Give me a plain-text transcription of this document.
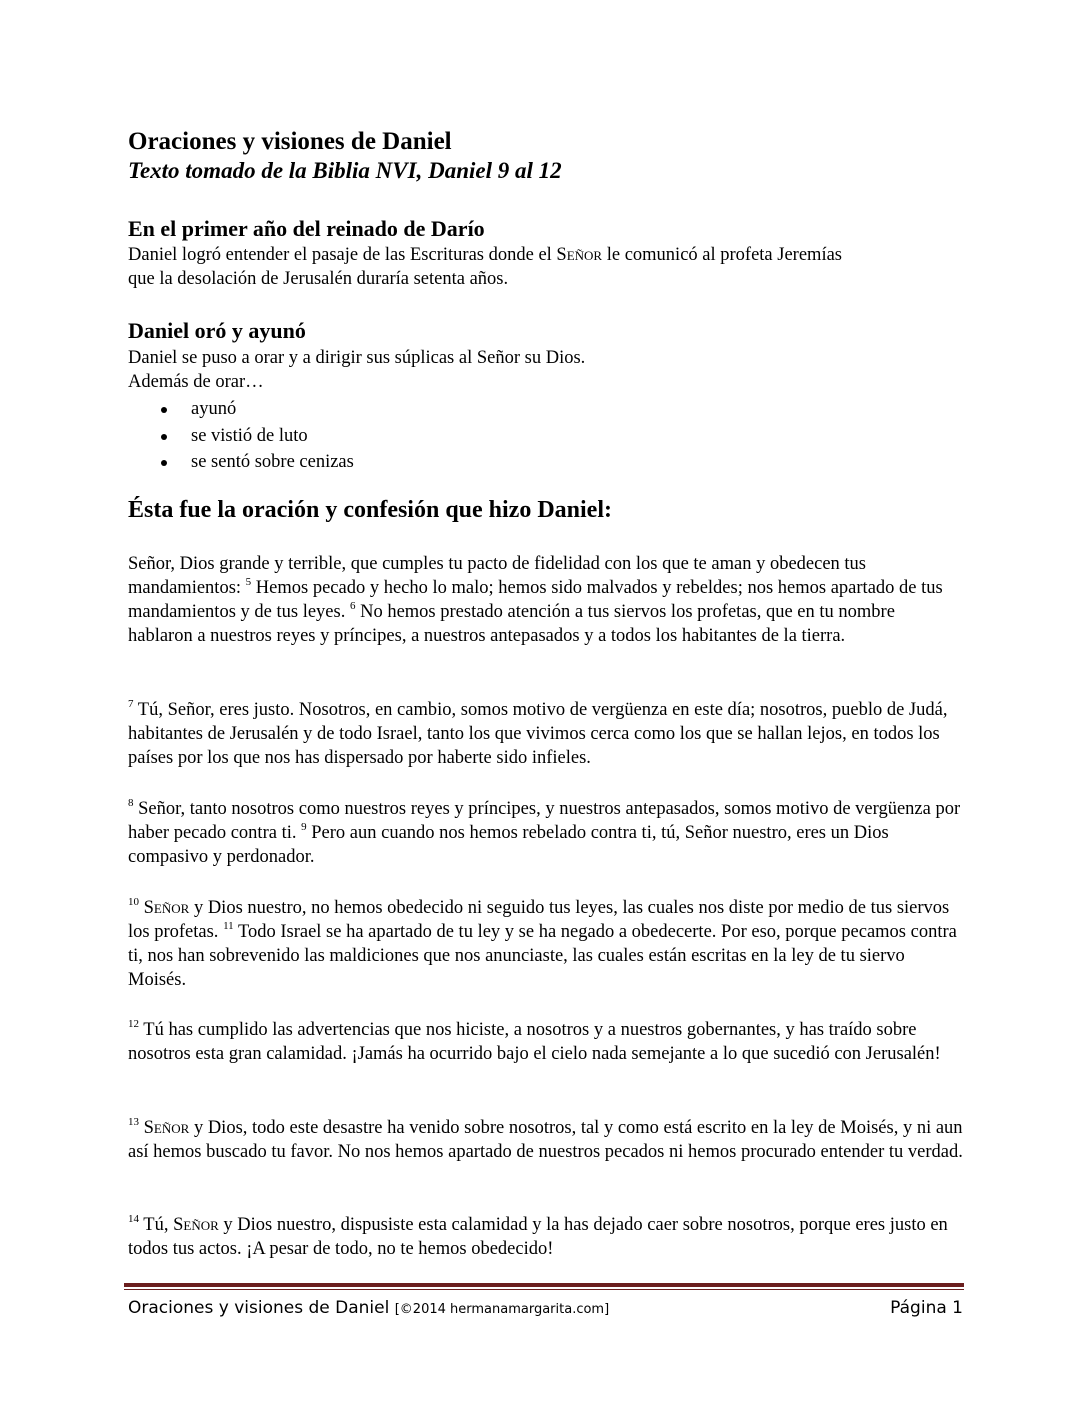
Oraciones y visiones de Daniel
Texto tomado de la Biblia NVI, Daniel 9 al 12
En el primer año del reinado de Darío

Daniel logró entender el pasaje de las Escrituras donde el Señor le comunicó al profeta Jeremías
que la desolación de Jerusalén duraría setenta años.

Daniel oró y ayunó

Daniel se puso a orar y a dirigir sus súplicas al Señor su Dios.
Además de orar…

ayunó
se vistió de luto
se sentó sobre cenizas
Ésta fue la oración y confesión que hizo Daniel:

Señor, Dios grande y terrible, que cumples tu pacto de fidelidad con los que te aman y obedecen tus mandamientos: $^5$ Hemos pecado y hecho lo malo; hemos sido malvados y rebeldes; nos hemos apartado de tus mandamientos y de tus leyes. $^6$ No hemos prestado atención a tus siervos los profetas, que en tu nombre hablaron a nuestros reyes y príncipes, a nuestros antepasados y a todos los habitantes de la tierra.

$^7$ Tú, Señor, eres justo. Nosotros, en cambio, somos motivo de vergüenza en este día; nosotros, pueblo de Judá, habitantes de Jerusalén y de todo Israel, tanto los que vivimos cerca como los que se hallan lejos, en todos los países por los que nos has dispersado por haberte sido infieles.

$^8$ Señor, tanto nosotros como nuestros reyes y príncipes, y nuestros antepasados, somos motivo de vergüenza por haber pecado contra ti. $^9$ Pero aun cuando nos hemos rebelado contra ti, tú, Señor nuestro, eres un Dios compasivo y perdonador.

$^{10}$ Señor y Dios nuestro, no hemos obedecido ni seguido tus leyes, las cuales nos diste por medio de tus siervos los profetas. $^{11}$ Todo Israel se ha apartado de tu ley y se ha negado a obedecerte. Por eso, porque pecamos contra ti, nos han sobrevenido las maldiciones que nos anunciaste, las cuales están escritas en la ley de tu siervo Moisés.

$^{12}$ Tú has cumplido las advertencias que nos hiciste, a nosotros y a nuestros gobernantes, y has traído sobre nosotros esta gran calamidad. ¡Jamás ha ocurrido bajo el cielo nada semejante a lo que sucedió con Jerusalén!

$^{13}$ Señor y Dios, todo este desastre ha venido sobre nosotros, tal y como está escrito en la ley de Moisés, y ni aun así hemos buscado tu favor. No nos hemos apartado de nuestros pecados ni hemos procurado entender tu verdad.

$^{14}$ Tú, Señor y Dios nuestro, dispusiste esta calamidad y la has dejado caer sobre nosotros, porque eres justo en todos tus actos. ¡A pesar de todo, no te hemos obedecido!

Oraciones y visiones de Daniel [©2014 hermanamargarita.com]	Página 1
